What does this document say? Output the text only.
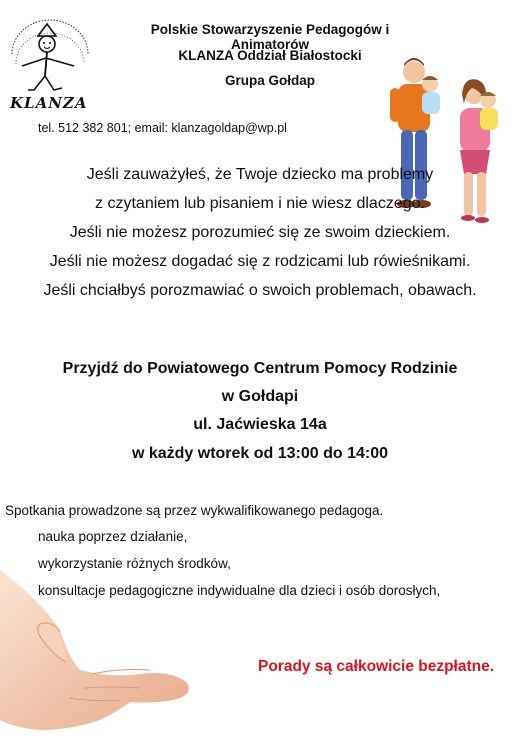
KLANZA
Polskie Stowarzyszenie Pedagogów i Animatorów
KLANZA Oddział Białostocki
Grupa Gołdap
tel. 512 382 801; email: klanzagoldap@wp.pl
Jeśli zauważyłeś, że Twoje dziecko ma problemy
z czytaniem lub pisaniem i nie wiesz dlaczego.
Jeśli nie możesz porozumieć się ze swoim dzieckiem.
Jeśli nie możesz dogadać się z rodzicami lub rówieśnikami.
Jeśli chciałbyś porozmawiać o swoich problemach, obawach.
Przyjdź do Powiatowego Centrum Pomocy Rodzinie
w Gołdapi
ul. Jaćwieska 14a
w każdy wtorek od 13:00 do 14:00
Spotkania prowadzone są przez wykwalifikowanego pedagoga.
nauka poprzez działanie,
wykorzystanie różnych środków,
konsultacje pedagogiczne indywidualne dla dzieci i osób dorosłych,
Porady są całkowicie bezpłatne.
